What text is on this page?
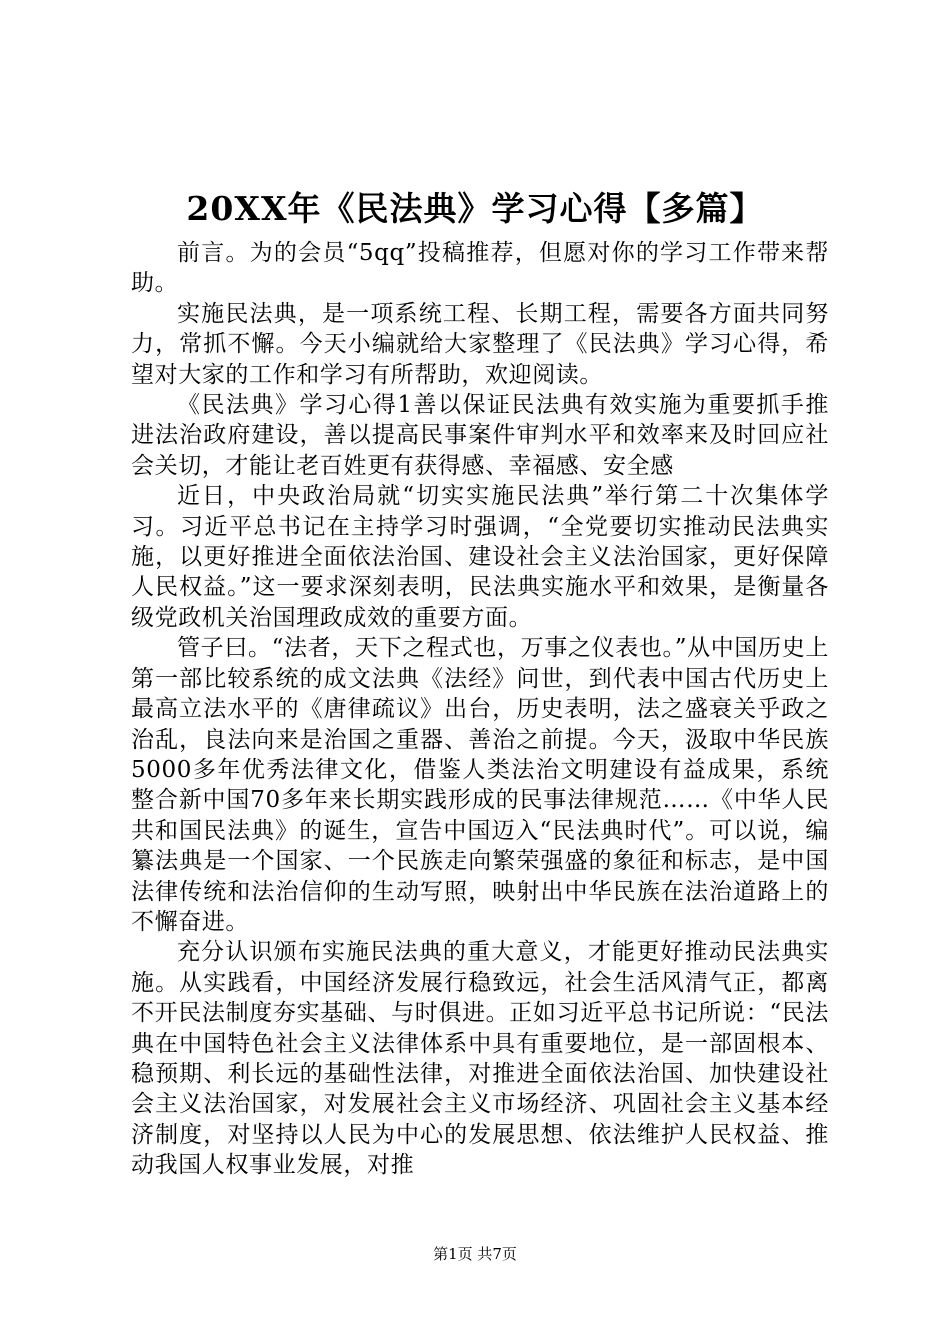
20XX年《民法典》学习心得【多篇】

前言。为的会员“5qq”投稿推荐，但愿对你的学习工作带来帮助。

实施民法典，是一项系统工程、长期工程，需要各方面共同努力，常抓不懈。今天小编就给大家整理了《民法典》学习心得，希望对大家的工作和学习有所帮助，欢迎阅读。

《民法典》学习心得1善以保证民法典有效实施为重要抓手推进法治政府建设，善以提高民事案件审判水平和效率来及时回应社会关切，才能让老百姓更有获得感、幸福感、安全感

近日，中央政治局就“切实实施民法典”举行第二十次集体学习。习近平总书记在主持学习时强调，“全党要切实推动民法典实施，以更好推进全面依法治国、建设社会主义法治国家，更好保障人民权益。”这一要求深刻表明，民法典实施水平和效果，是衡量各级党政机关治国理政成效的重要方面。

管子曰。“法者，天下之程式也，万事之仪表也。”从中国历史上第一部比较系统的成文法典《法经》问世，到代表中国古代历史上最高立法水平的《唐律疏议》出台，历史表明，法之盛衰关乎政之治乱，良法向来是治国之重器、善治之前提。今天，汲取中华民族5000多年优秀法律文化，借鉴人类法治文明建设有益成果，系统整合新中国70多年来长期实践形成的民事法律规范……《中华人民共和国民法典》的诞生，宣告中国迈入“民法典时代”。可以说，编纂法典是一个国家、一个民族走向繁荣强盛的象征和标志，是中国法律传统和法治信仰的生动写照，映射出中华民族在法治道路上的不懈奋进。

充分认识颁布实施民法典的重大意义，才能更好推动民法典实施。从实践看，中国经济发展行稳致远，社会生活风清气正，都离不开民法制度夯实基础、与时俱进。正如习近平总书记所说：“民法典在中国特色社会主义法律体系中具有重要地位，是一部固根本、稳预期、利长远的基础性法律，对推进全面依法治国、加快建设社会主义法治国家，对发展社会主义市场经济、巩固社会主义基本经济制度，对坚持以人民为中心的发展思想、依法维护人民权益、推动我国人权事业发展，对推

第1页 共7页
